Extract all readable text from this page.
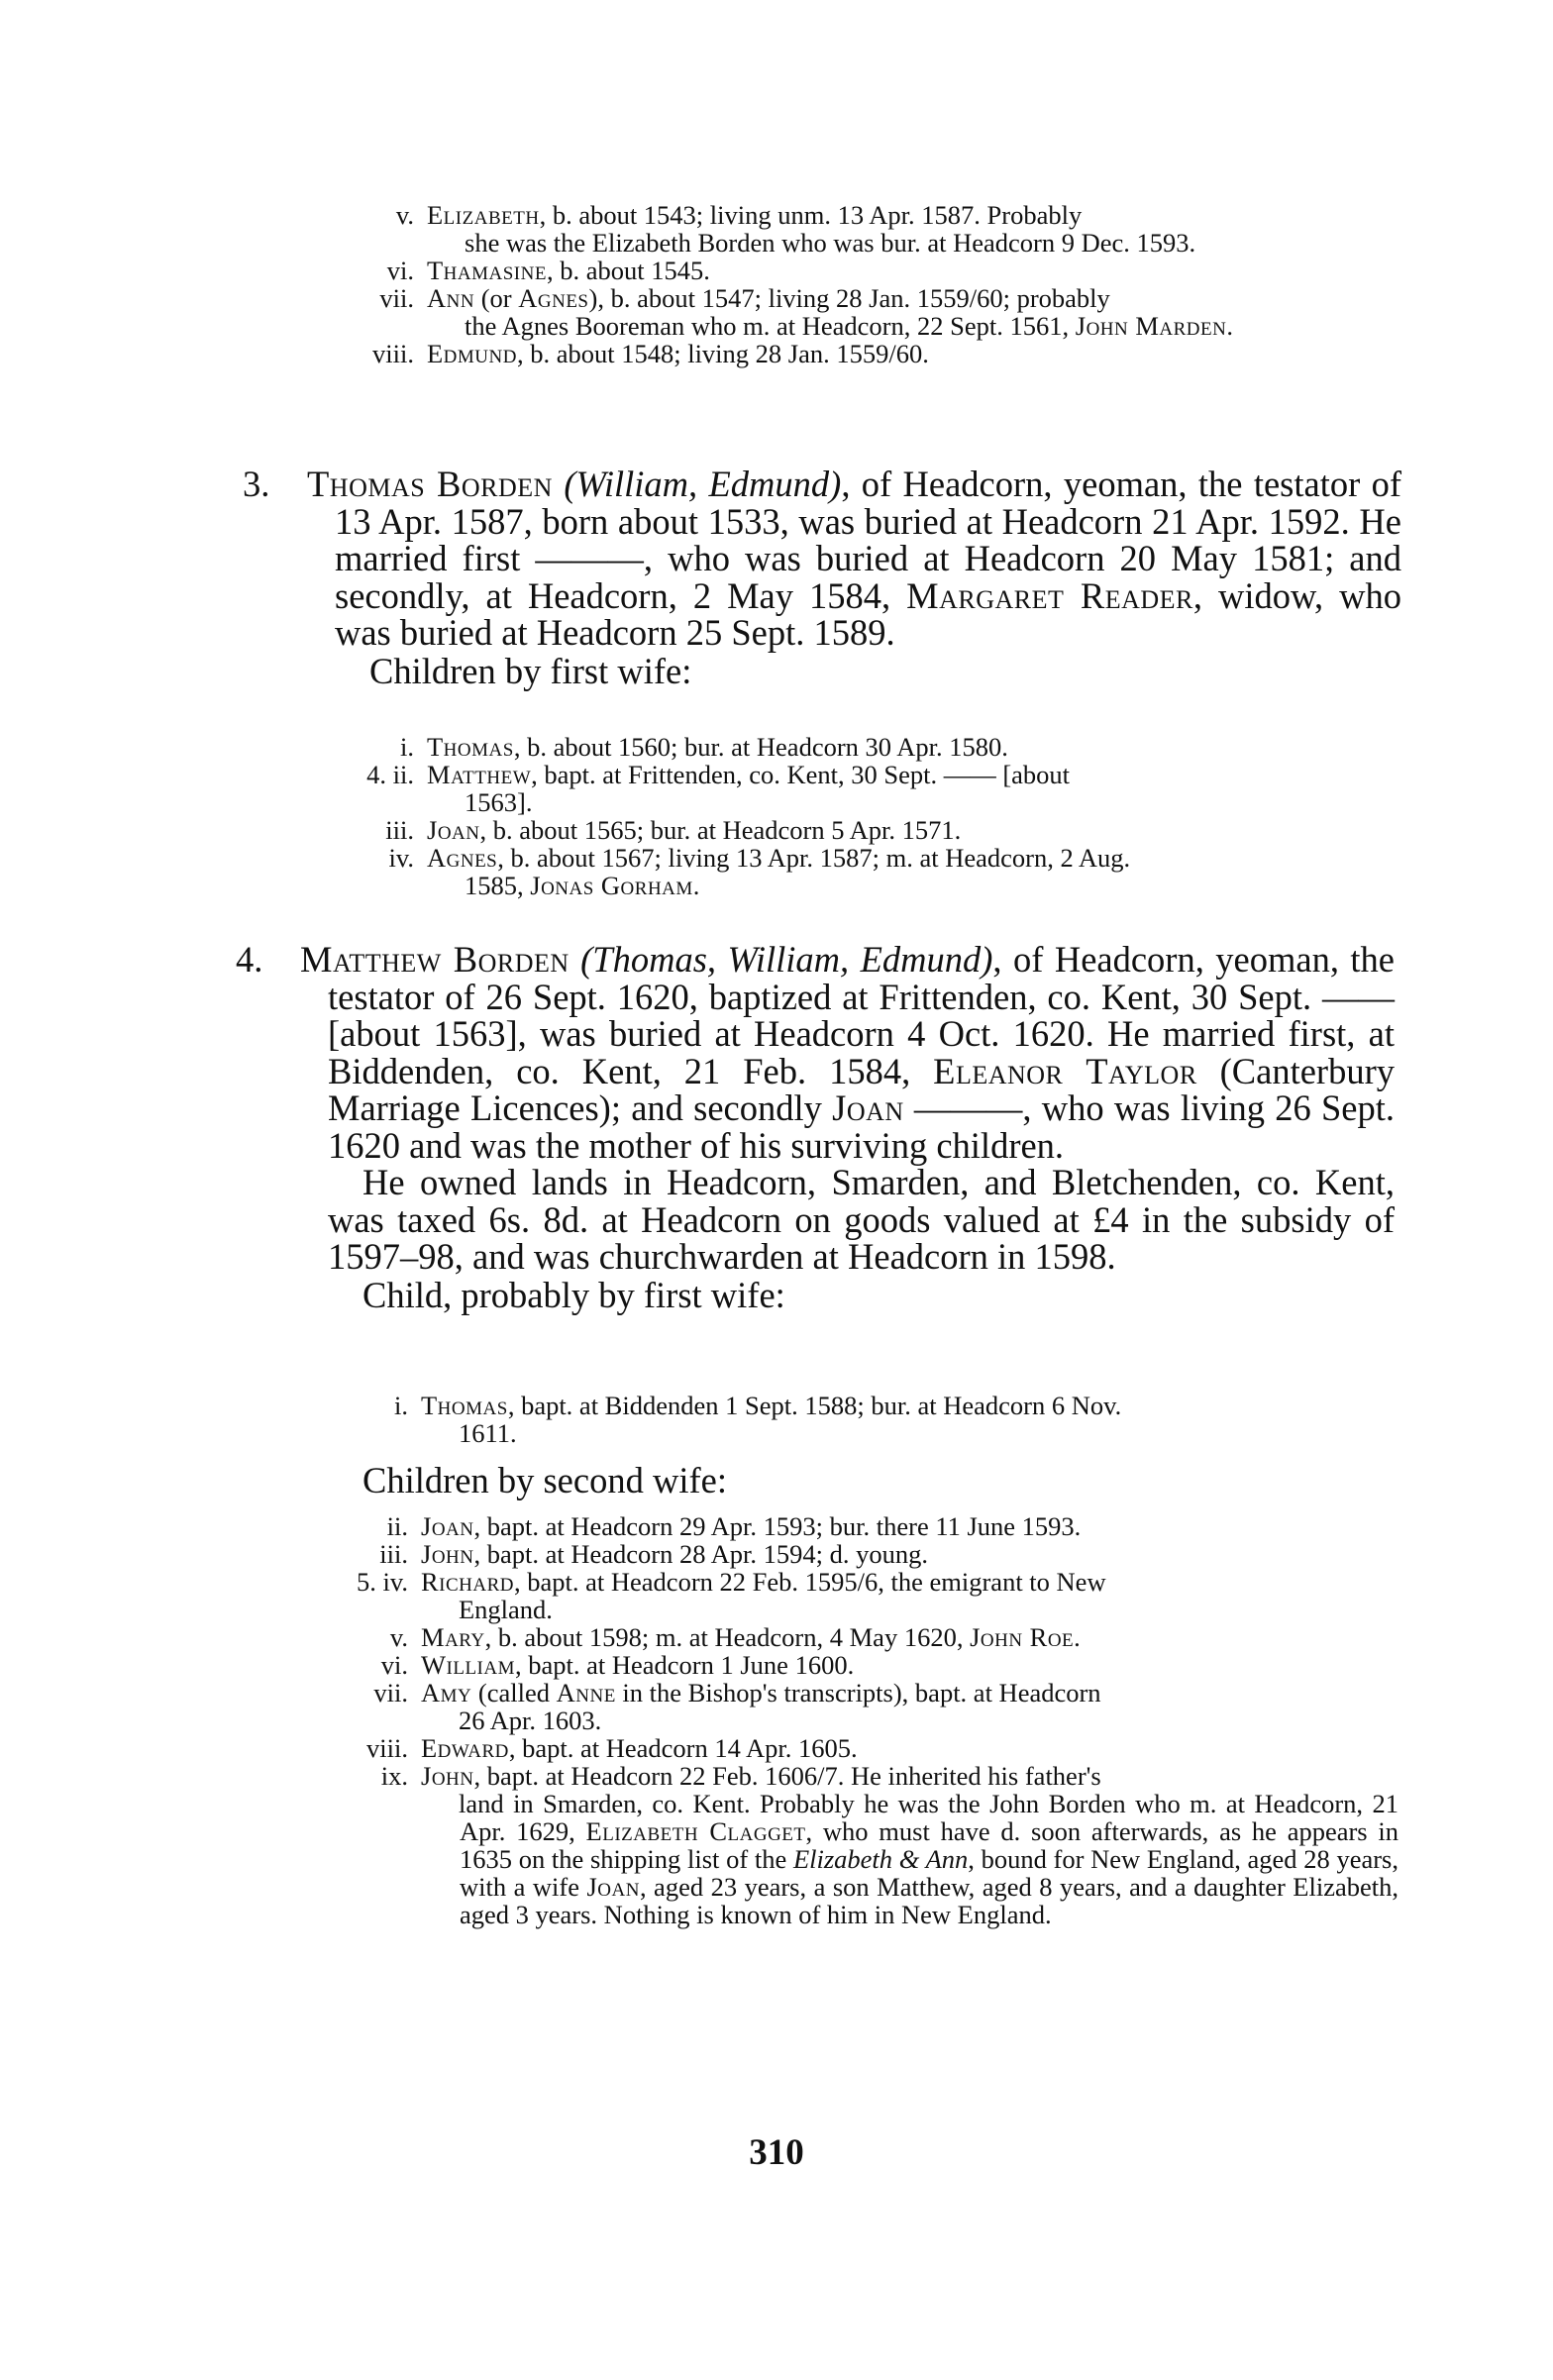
v. Elizabeth, b. about 1543; living unm. 13 Apr. 1587. Probably
she was the Elizabeth Borden who was bur. at Headcorn 9 Dec. 1593.

vi. Thamasine, b. about 1545.

vii. Ann (or Agnes), b. about 1547; living 28 Jan. 1559/60; probably
the Agnes Booreman who m. at Headcorn, 22 Sept. 1561, John Marden.

viii. Edmund, b. about 1548; living 28 Jan. 1559/60.

3. Thomas Borden (William, Edmund), of Headcorn, yeoman, the testator of 13 Apr. 1587, born about 1533, was buried at Headcorn 21 Apr. 1592. He married first ———, who was buried at Headcorn 20 May 1581; and secondly, at Headcorn, 2 May 1584, Margaret Reader, widow, who was buried at Headcorn 25 Sept. 1589.

Children by first wife:

i. Thomas, b. about 1560; bur. at Headcorn 30 Apr. 1580.

4. ii. Matthew, bapt. at Frittenden, co. Kent, 30 Sept. —— [about
1563].

iii. Joan, b. about 1565; bur. at Headcorn 5 Apr. 1571.

iv. Agnes, b. about 1567; living 13 Apr. 1587; m. at Headcorn, 2 Aug.
1585, Jonas Gorham.

4. Matthew Borden (Thomas, William, Edmund), of Headcorn, yeoman, the testator of 26 Sept. 1620, baptized at Frittenden, co. Kent, 30 Sept. —— [about 1563], was buried at Headcorn 4 Oct. 1620. He married first, at Biddenden, co. Kent, 21 Feb. 1584, Eleanor Taylor (Canterbury Marriage Licences); and secondly Joan ———, who was living 26 Sept. 1620 and was the mother of his surviving children.

He owned lands in Headcorn, Smarden, and Bletchenden, co. Kent, was taxed 6s. 8d. at Headcorn on goods valued at £4 in the subsidy of 1597–98, and was churchwarden at Headcorn in 1598.

Child, probably by first wife:

i. Thomas, bapt. at Biddenden 1 Sept. 1588; bur. at Headcorn 6 Nov.
1611.

Children by second wife:

ii. Joan, bapt. at Headcorn 29 Apr. 1593; bur. there 11 June 1593.

iii. John, bapt. at Headcorn 28 Apr. 1594; d. young.

5. iv. Richard, bapt. at Headcorn 22 Feb. 1595/6, the emigrant to New
England.

v. Mary, b. about 1598; m. at Headcorn, 4 May 1620, John Roe.

vi. William, bapt. at Headcorn 1 June 1600.

vii. Amy (called Anne in the Bishop's transcripts), bapt. at Headcorn
26 Apr. 1603.

viii. Edward, bapt. at Headcorn 14 Apr. 1605.

ix. John, bapt. at Headcorn 22 Feb. 1606/7. He inherited his father's
land in Smarden, co. Kent. Probably he was the John Borden who m. at Headcorn, 21 Apr. 1629, Elizabeth Clagget, who must have d. soon afterwards, as he appears in 1635 on the shipping list of the Elizabeth & Ann, bound for New England, aged 28 years, with a wife Joan, aged 23 years, a son Matthew, aged 8 years, and a daughter Elizabeth, aged 3 years. Nothing is known of him in New England.

310
